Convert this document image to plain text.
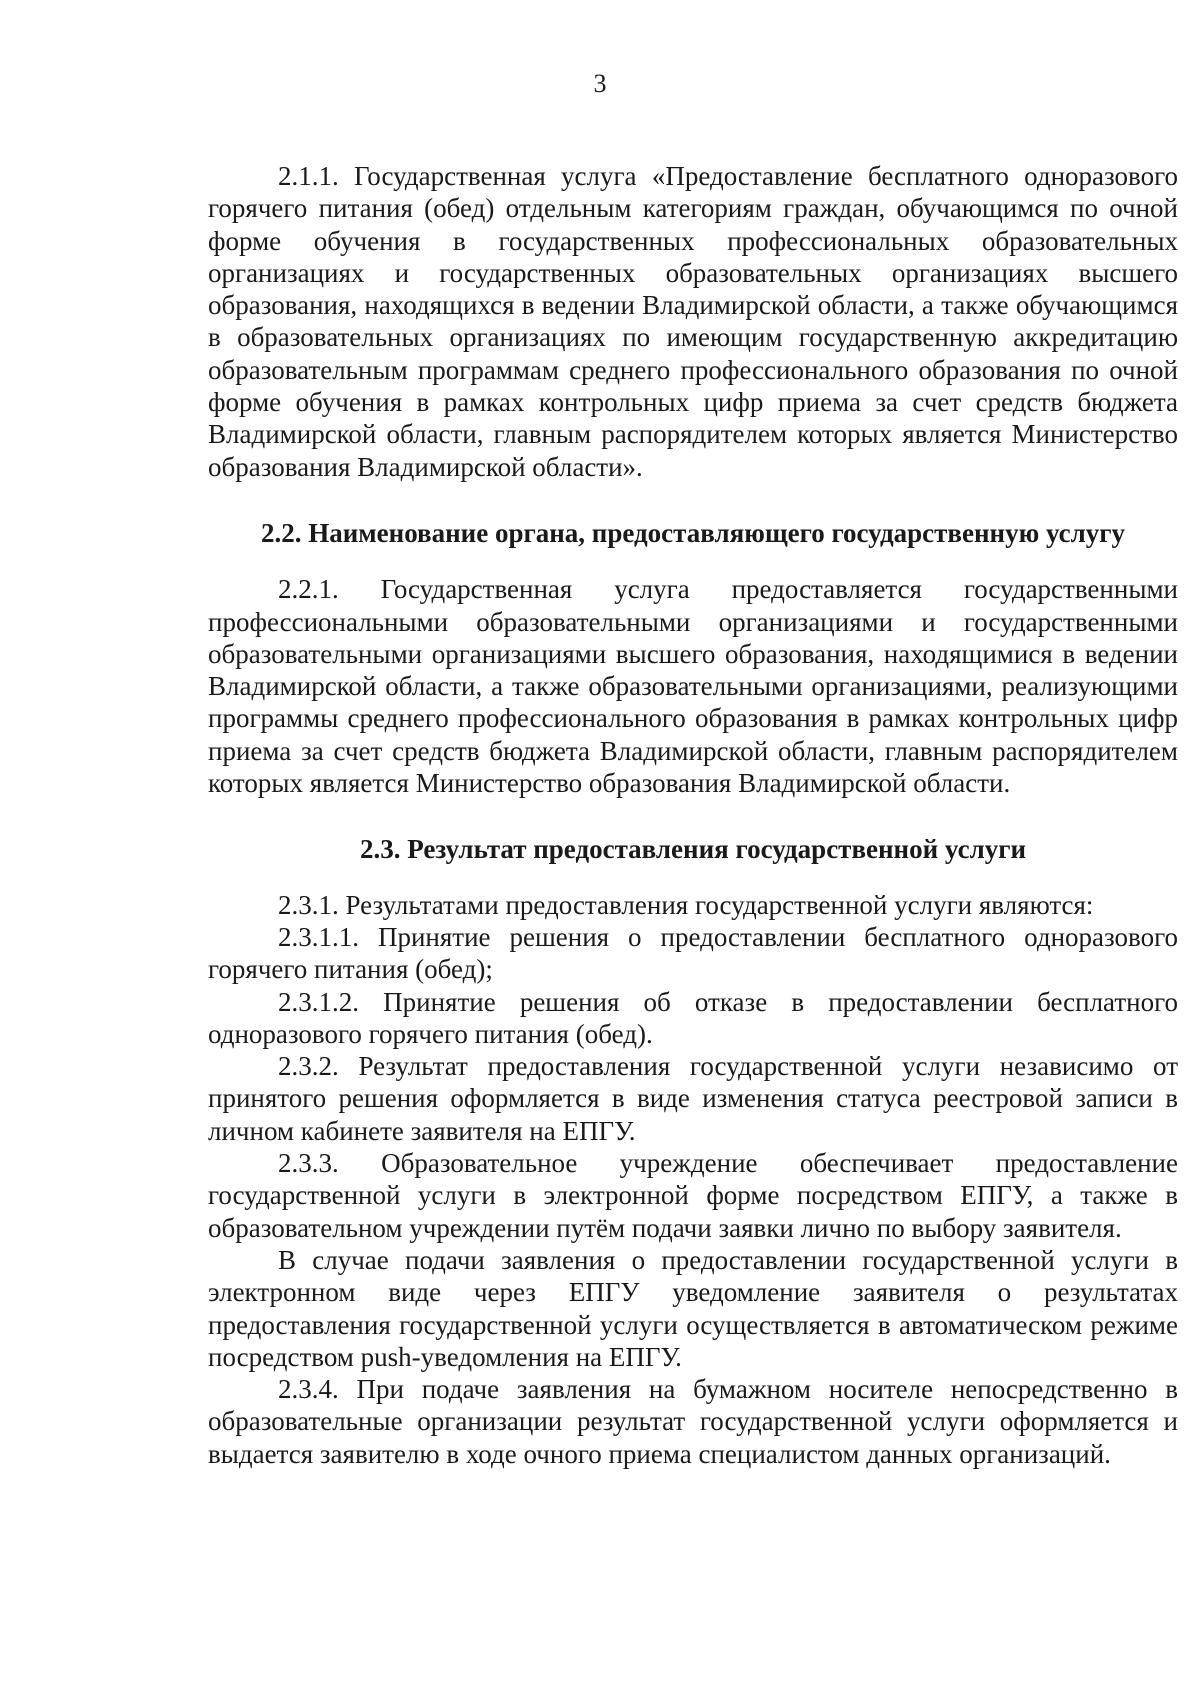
3

2.1.1. Государственная услуга «Предоставление бесплатного одноразового горячего питания (обед) отдельным категориям граждан, обучающимся по очной форме обучения в государственных профессиональных образовательных организациях и государственных образовательных организациях высшего образования, находящихся в ведении Владимирской области, а также обучающимся в образовательных организациях по имеющим государственную аккредитацию образовательным программам среднего профессионального образования по очной форме обучения в рамках контрольных цифр приема за счет средств бюджета Владимирской области, главным распорядителем которых является Министерство образования Владимирской области».

2.2. Наименование органа, предоставляющего государственную услугу

2.2.1. Государственная услуга предоставляется государственными профессиональными образовательными организациями и государственными образовательными организациями высшего образования, находящимися в ведении Владимирской области, а также образовательными организациями, реализующими программы среднего профессионального образования в рамках контрольных цифр приема за счет средств бюджета Владимирской области, главным распорядителем которых является Министерство образования Владимирской области.

2.3. Результат предоставления государственной услуги

2.3.1. Результатами предоставления государственной услуги являются:

2.3.1.1. Принятие решения о предоставлении бесплатного одноразового горячего питания (обед);

2.3.1.2. Принятие решения об отказе в предоставлении бесплатного одноразового горячего питания (обед).

2.3.2. Результат предоставления государственной услуги независимо от принятого решения оформляется в виде изменения статуса реестровой записи в личном кабинете заявителя на ЕПГУ.

2.3.3. Образовательное учреждение обеспечивает предоставление государственной услуги в электронной форме посредством ЕПГУ, а также в образовательном учреждении путём подачи заявки лично по выбору заявителя.

В случае подачи заявления о предоставлении государственной услуги в электронном виде через ЕПГУ уведомление заявителя о результатах предоставления государственной услуги осуществляется в автоматическом режиме посредством push-уведомления на ЕПГУ.

2.3.4. При подаче заявления на бумажном носителе непосредственно в образовательные организации результат государственной услуги оформляется и выдается заявителю в ходе очного приема специалистом данных организаций.
